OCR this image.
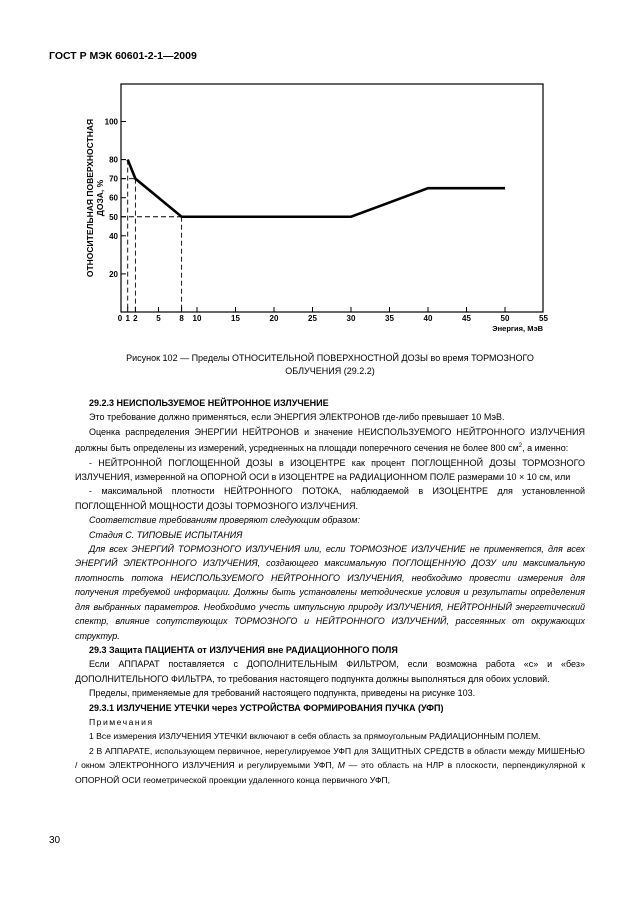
ГОСТ Р МЭК 60601-2-1—2009
20
40
50
60
70
80
100
0 1 2 5 8 10	15	20	25	30	35	40	45	50	55
Энергия, МэВ
ОТНОСИТЕЛЬНАЯ ПОВЕРХНОСТНАЯ ДОЗА, %
Рисунок 102 — Пределы ОТНОСИТЕЛЬНОЙ ПОВЕРХНОСТНОЙ ДОЗЫ во время ТОРМОЗНОГО
ОБЛУЧЕНИЯ (29.2.2)

29.2.3 НЕИСПОЛЬЗУЕМОЕ НЕЙТРОННОЕ ИЗЛУЧЕНИЕ

Это требование должно применяться, если ЭНЕРГИЯ ЭЛЕКТРОНОВ где-либо превышает 10 МэВ.

Оценка распределения ЭНЕРГИИ НЕЙТРОНОВ и значение НЕИСПОЛЬЗУЕМОГО НЕЙТРОННОГО ИЗЛУЧЕНИЯ должны быть определены из измерений, усредненных на площади поперечного сечения не более 800 $см^2$, а именно:

- НЕЙТРОННОЙ ПОГЛОЩЕННОЙ ДОЗЫ в ИЗОЦЕНТРЕ как процент ПОГЛОЩЕННОЙ ДОЗЫ ТОРМОЗНОГО ИЗЛУЧЕНИЯ, измеренной на ОПОРНОЙ ОСИ в ИЗОЦЕНТРЕ на РАДИАЦИОННОМ ПОЛЕ размерами 10 × 10 см, или

- максимальной плотности НЕЙТРОННОГО ПОТОКА, наблюдаемой в ИЗОЦЕНТРЕ для установленной ПОГЛОЩЕННОЙ МОЩНОСТИ ДОЗЫ ТОРМОЗНОГО ИЗЛУЧЕНИЯ.

Соответствие требованиям проверяют следующим образом:

Стадия С. ТИПОВЫЕ ИСПЫТАНИЯ

Для всех ЭНЕРГИЙ ТОРМОЗНОГО ИЗЛУЧЕНИЯ или, если ТОРМОЗНОЕ ИЗЛУЧЕНИЕ не применяется, для всех ЭНЕРГИЙ ЭЛЕКТРОННОГО ИЗЛУЧЕНИЯ, создающего максимальную ПОГЛОЩЕННУЮ ДОЗУ или максимальную плотность потока НЕИСПОЛЬЗУЕМОГО НЕЙТРОННОГО ИЗЛУЧЕНИЯ, необходимо провести измерения для получения требуемой информации. Должны быть установлены методические условия и результаты определения для выбранных параметров. Необходимо учесть импульсную природу ИЗЛУЧЕНИЯ, НЕЙТРОННЫЙ энергетический спектр, влияние сопутствующих ТОРМОЗНОГО и НЕЙТРОННОГО ИЗЛУЧЕНИЙ, рассеянных от окружающих структур.

29.3 Защита ПАЦИЕНТА от ИЗЛУЧЕНИЯ вне РАДИАЦИОННОГО ПОЛЯ

Если АППАРАТ поставляется с ДОПОЛНИТЕЛЬНЫМ ФИЛЬТРОМ, если возможна работа «с» и «без» ДОПОЛНИТЕЛЬНОГО ФИЛЬТРА, то требования настоящего подпункта должны выполняться для обоих условий.

Пределы, применяемые для требований настоящего подпункта, приведены на рисунке 103.

29.3.1 ИЗЛУЧЕНИЕ УТЕЧКИ через УСТРОЙСТВА ФОРМИРОВАНИЯ ПУЧКА (УФП)

Примечания

1 Все измерения ИЗЛУЧЕНИЯ УТЕЧКИ включают в себя область за прямоугольным РАДИАЦИОННЫМ ПОЛЕМ.

2 В АППАРАТЕ, использующем первичное, нерегулируемое УФП для ЗАЩИТНЫХ СРЕДСТВ в области между МИШЕНЬЮ / окном ЭЛЕКТРОННОГО ИЗЛУЧЕНИЯ и регулируемыми УФП, М — это область на НЛР в плоскости, перпендикулярной к ОПОРНОЙ ОСИ геометрической проекции удаленного конца первичного УФП,

30
